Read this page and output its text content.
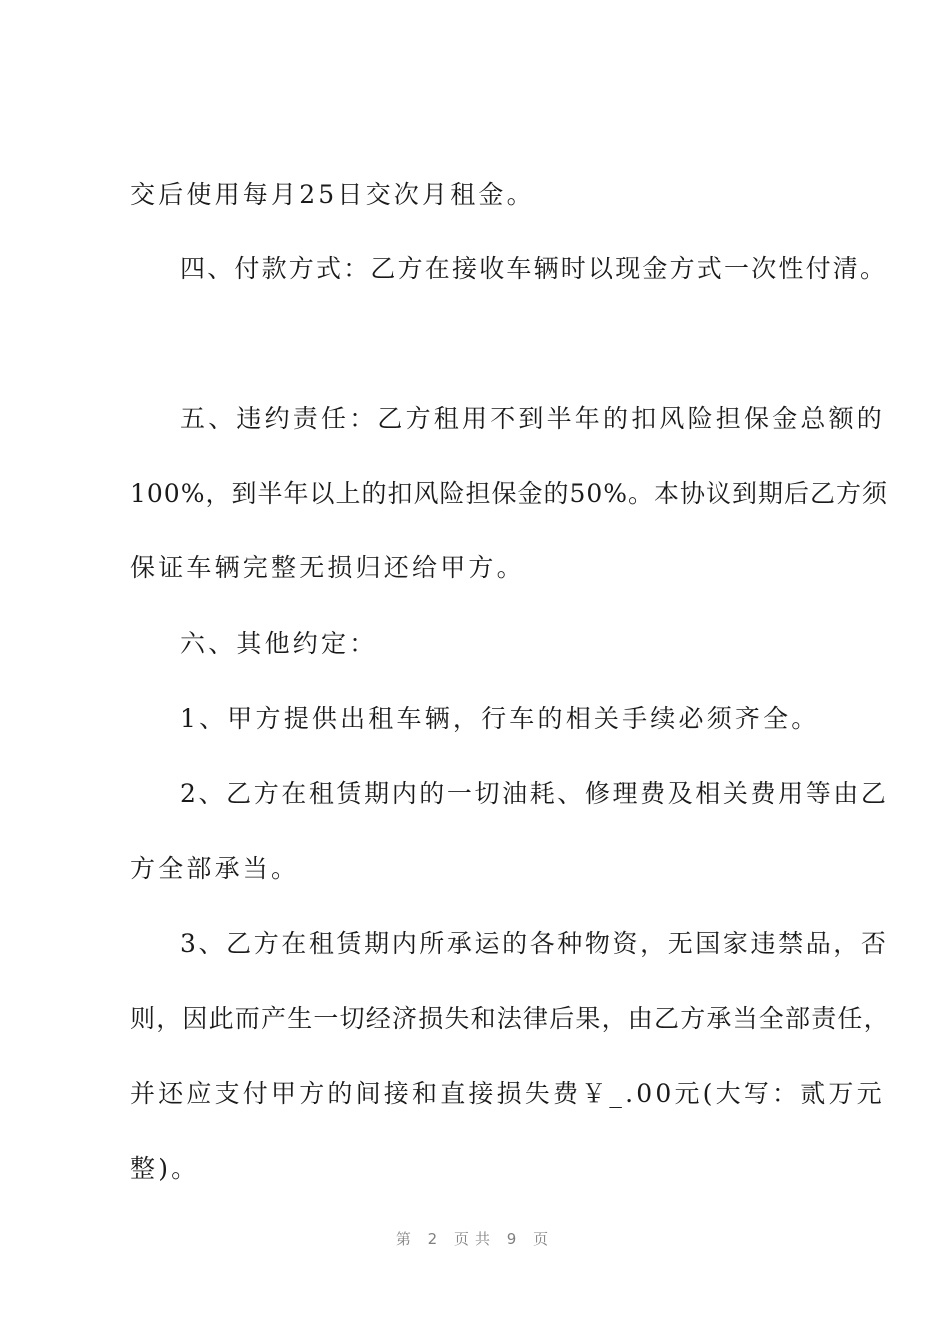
交后使用每月25日交次月租金。
四、付款方式：乙方在接收车辆时以现金方式一次性付清。
五、违约责任：乙方租用不到半年的扣风险担保金总额的
100%，到半年以上的扣风险担保金的50%。本协议到期后乙方须
保证车辆完整无损归还给甲方。
六、其他约定：
1、甲方提供出租车辆，行车的相关手续必须齐全。
2、乙方在租赁期内的一切油耗、修理费及相关费用等由乙
方全部承当。
3、乙方在租赁期内所承运的各种物资，无国家违禁品，否
则，因此而产生一切经济损失和法律后果，由乙方承当全部责任，
并还应支付甲方的间接和直接损失费￥_.00元(大写：贰万元
整)。
第 2 页共 9 页
